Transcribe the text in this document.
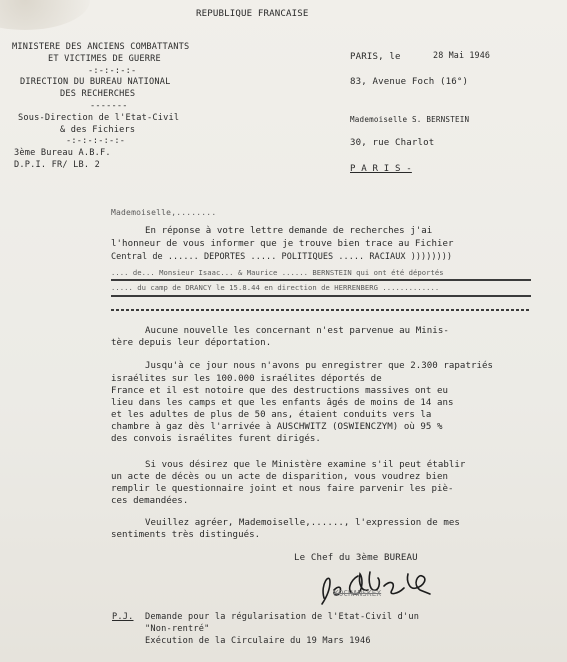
REPUBLIQUE FRANCAISE
MINISTERE DES ANCIENS COMBATTANTS
ET VICTIMES DE GUERRE
-:-:-:-:-
DIRECTION DU BUREAU NATIONAL
DES RECHERCHES
-------
Sous-Direction de l'Etat-Civil
& des Fichiers
-:-:-:-:-:-
3ème Bureau A.B.F.
D.P.I. FR/ LB. 2
PARIS, le	28 Mai 1946
83, Avenue Foch (16°)
Mademoiselle S. BERNSTEIN
30, rue Charlot
P A R I S -
Mademoiselle,........
En réponse à votre lettre demande de recherches j'ai
l'honneur de vous informer que je trouve bien trace au Fichier
Central de ...... DEPORTES ..... POLITIQUES ..... RACIAUX ))))))))
.... de... Monsieur Isaac... & Maurice ...... BERNSTEIN qui ont été déportés
..... du camp de DRANCY le 15.8.44 en direction de HERRENBERG .............
Aucune nouvelle les concernant n'est parvenue au Minis-
tère depuis leur déportation.
Jusqu'à ce jour nous n'avons pu enregistrer que 2.300 rapatriés
israélites sur les 100.000 israélites déportés de
France et il est notoire que des destructions massives ont eu
lieu dans les camps et que les enfants âgés de moins de 14 ans
et les adultes de plus de 50 ans, étaient conduits vers la
chambre à gaz dès l'arrivée à AUSCHWITZ (OSWIENCZYM) où 95 %
des convois israélites furent dirigés.
Si vous désirez que le Ministère examine s'il peut établir
un acte de décès ou un acte de disparition, vous voudrez bien
remplir le questionnaire joint et nous faire parvenir les piè-
ces demandées.
Veuillez agréer, Mademoiselle,......, l'expression de mes
sentiments très distingués.
Le Chef du 3ème BUREAU
KOCHANSKEX
P.J. Demande pour la régularisation de l'Etat-Civil d'un
"Non-rentré"
Exécution de la Circulaire du 19 Mars 1946
